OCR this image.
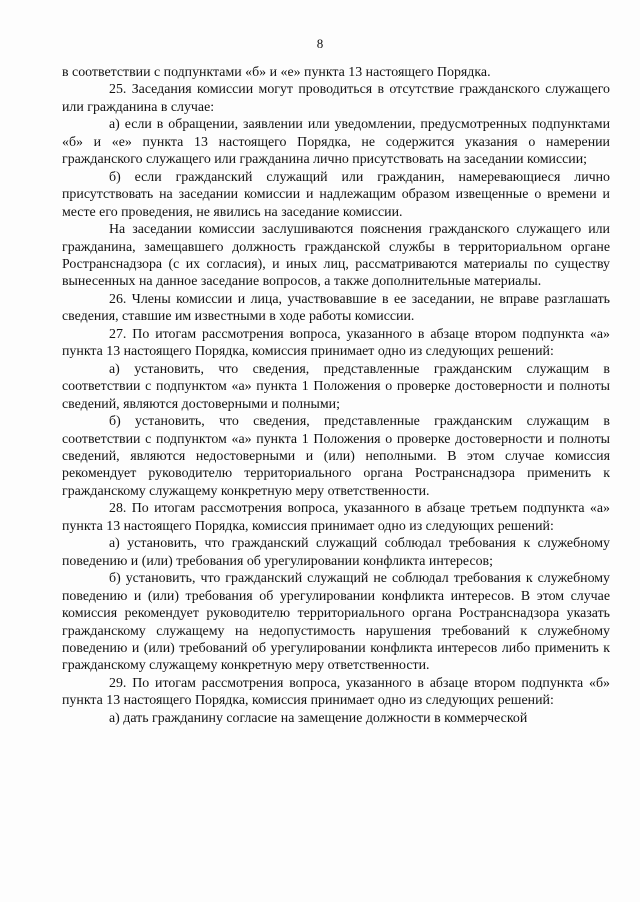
8

в соответствии с подпунктами «б» и «е» пункта 13 настоящего Порядка.

25. Заседания комиссии могут проводиться в отсутствие гражданского служащего или гражданина в случае:

а) если в обращении, заявлении или уведомлении, предусмотренных подпунктами «б» и «е» пункта 13 настоящего Порядка, не содержится указания о намерении гражданского служащего или гражданина лично присутствовать на заседании комиссии;

б) если гражданский служащий или гражданин, намеревающиеся лично присутствовать на заседании комиссии и надлежащим образом извещенные о времени и месте его проведения, не явились на заседание комиссии.

На заседании комиссии заслушиваются пояснения гражданского служащего или гражданина, замещавшего должность гражданской службы в территориальном органе Ространснадзора (с их согласия), и иных лиц, рассматриваются материалы по существу вынесенных на данное заседание вопросов, а также дополнительные материалы.

26. Члены комиссии и лица, участвовавшие в ее заседании, не вправе разглашать сведения, ставшие им известными в ходе работы комиссии.

27. По итогам рассмотрения вопроса, указанного в абзаце втором подпункта «а» пункта 13 настоящего Порядка, комиссия принимает одно из следующих решений:

а) установить, что сведения, представленные гражданским служащим в соответствии с подпунктом «а» пункта 1 Положения о проверке достоверности и полноты сведений, являются достоверными и полными;

б) установить, что сведения, представленные гражданским служащим в соответствии с подпунктом «а» пункта 1 Положения о проверке достоверности и полноты сведений, являются недостоверными и (или) неполными. В этом случае комиссия рекомендует руководителю территориального органа Ространснадзора применить к гражданскому служащему конкретную меру ответственности.

28. По итогам рассмотрения вопроса, указанного в абзаце третьем подпункта «а» пункта 13 настоящего Порядка, комиссия принимает одно из следующих решений:

а) установить, что гражданский служащий соблюдал требования к служебному поведению и (или) требования об урегулировании конфликта интересов;

б) установить, что гражданский служащий не соблюдал требования к служебному поведению и (или) требования об урегулировании конфликта интересов. В этом случае комиссия рекомендует руководителю территориального органа Ространснадзора указать гражданскому служащему на недопустимость нарушения требований к служебному поведению и (или) требований об урегулировании конфликта интересов либо применить к гражданскому служащему конкретную меру ответственности.

29. По итогам рассмотрения вопроса, указанного в абзаце втором подпункта «б» пункта 13 настоящего Порядка, комиссия принимает одно из следующих решений:

а) дать гражданину согласие на замещение должности в коммерческой
